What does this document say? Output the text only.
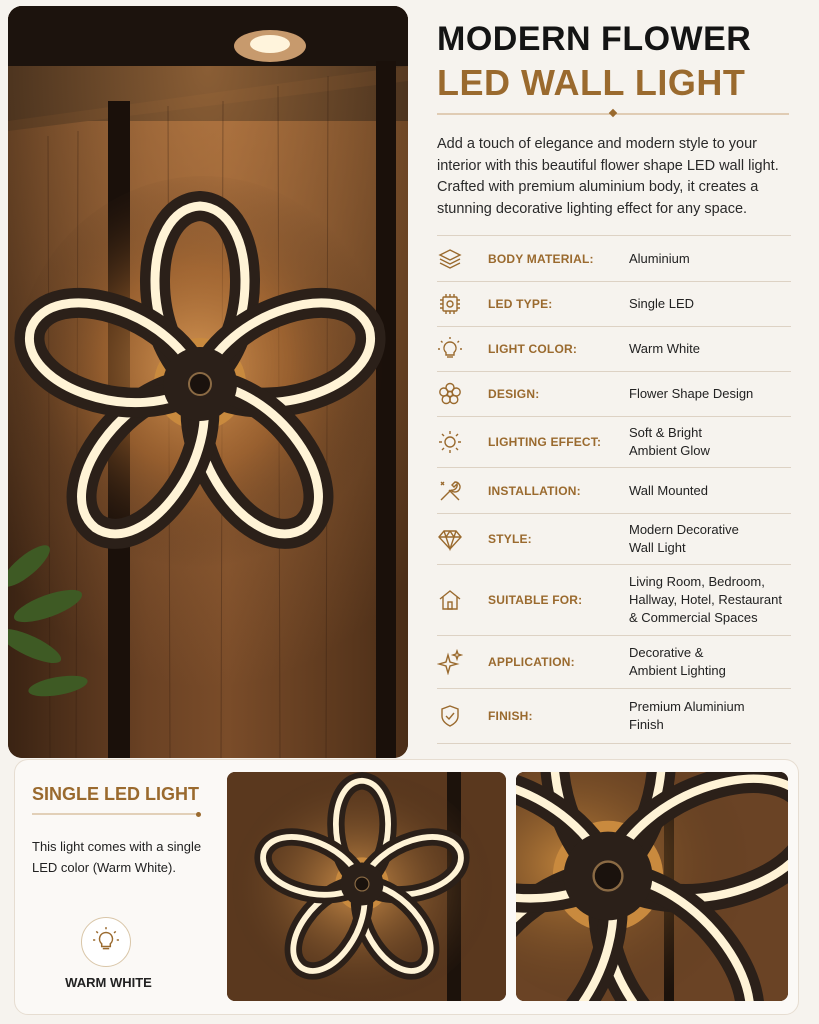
MODERN FLOWER
LED WALL LIGHT

Add a touch of elegance and modern style to your interior with this beautiful flower shape LED wall light. Crafted with premium aluminium body, it creates a stunning decorative lighting effect for any space.

BODY MATERIAL:	Aluminium
LED TYPE:	Single LED
LIGHT COLOR:	Warm White
DESIGN:	Flower Shape Design
LIGHTING EFFECT:
Soft & Bright
Ambient Glow
INSTALLATION:	Wall Mounted
STYLE:
Modern Decorative
Wall Light
SUITABLE FOR:
Living Room, Bedroom,
Hallway, Hotel, Restaurant
& Commercial Spaces
APPLICATION:
Decorative &
Ambient Lighting
FINISH:
Premium Aluminium
Finish
SINGLE LED LIGHT

This light comes with a single LED color (Warm White).

WARM WHITE
